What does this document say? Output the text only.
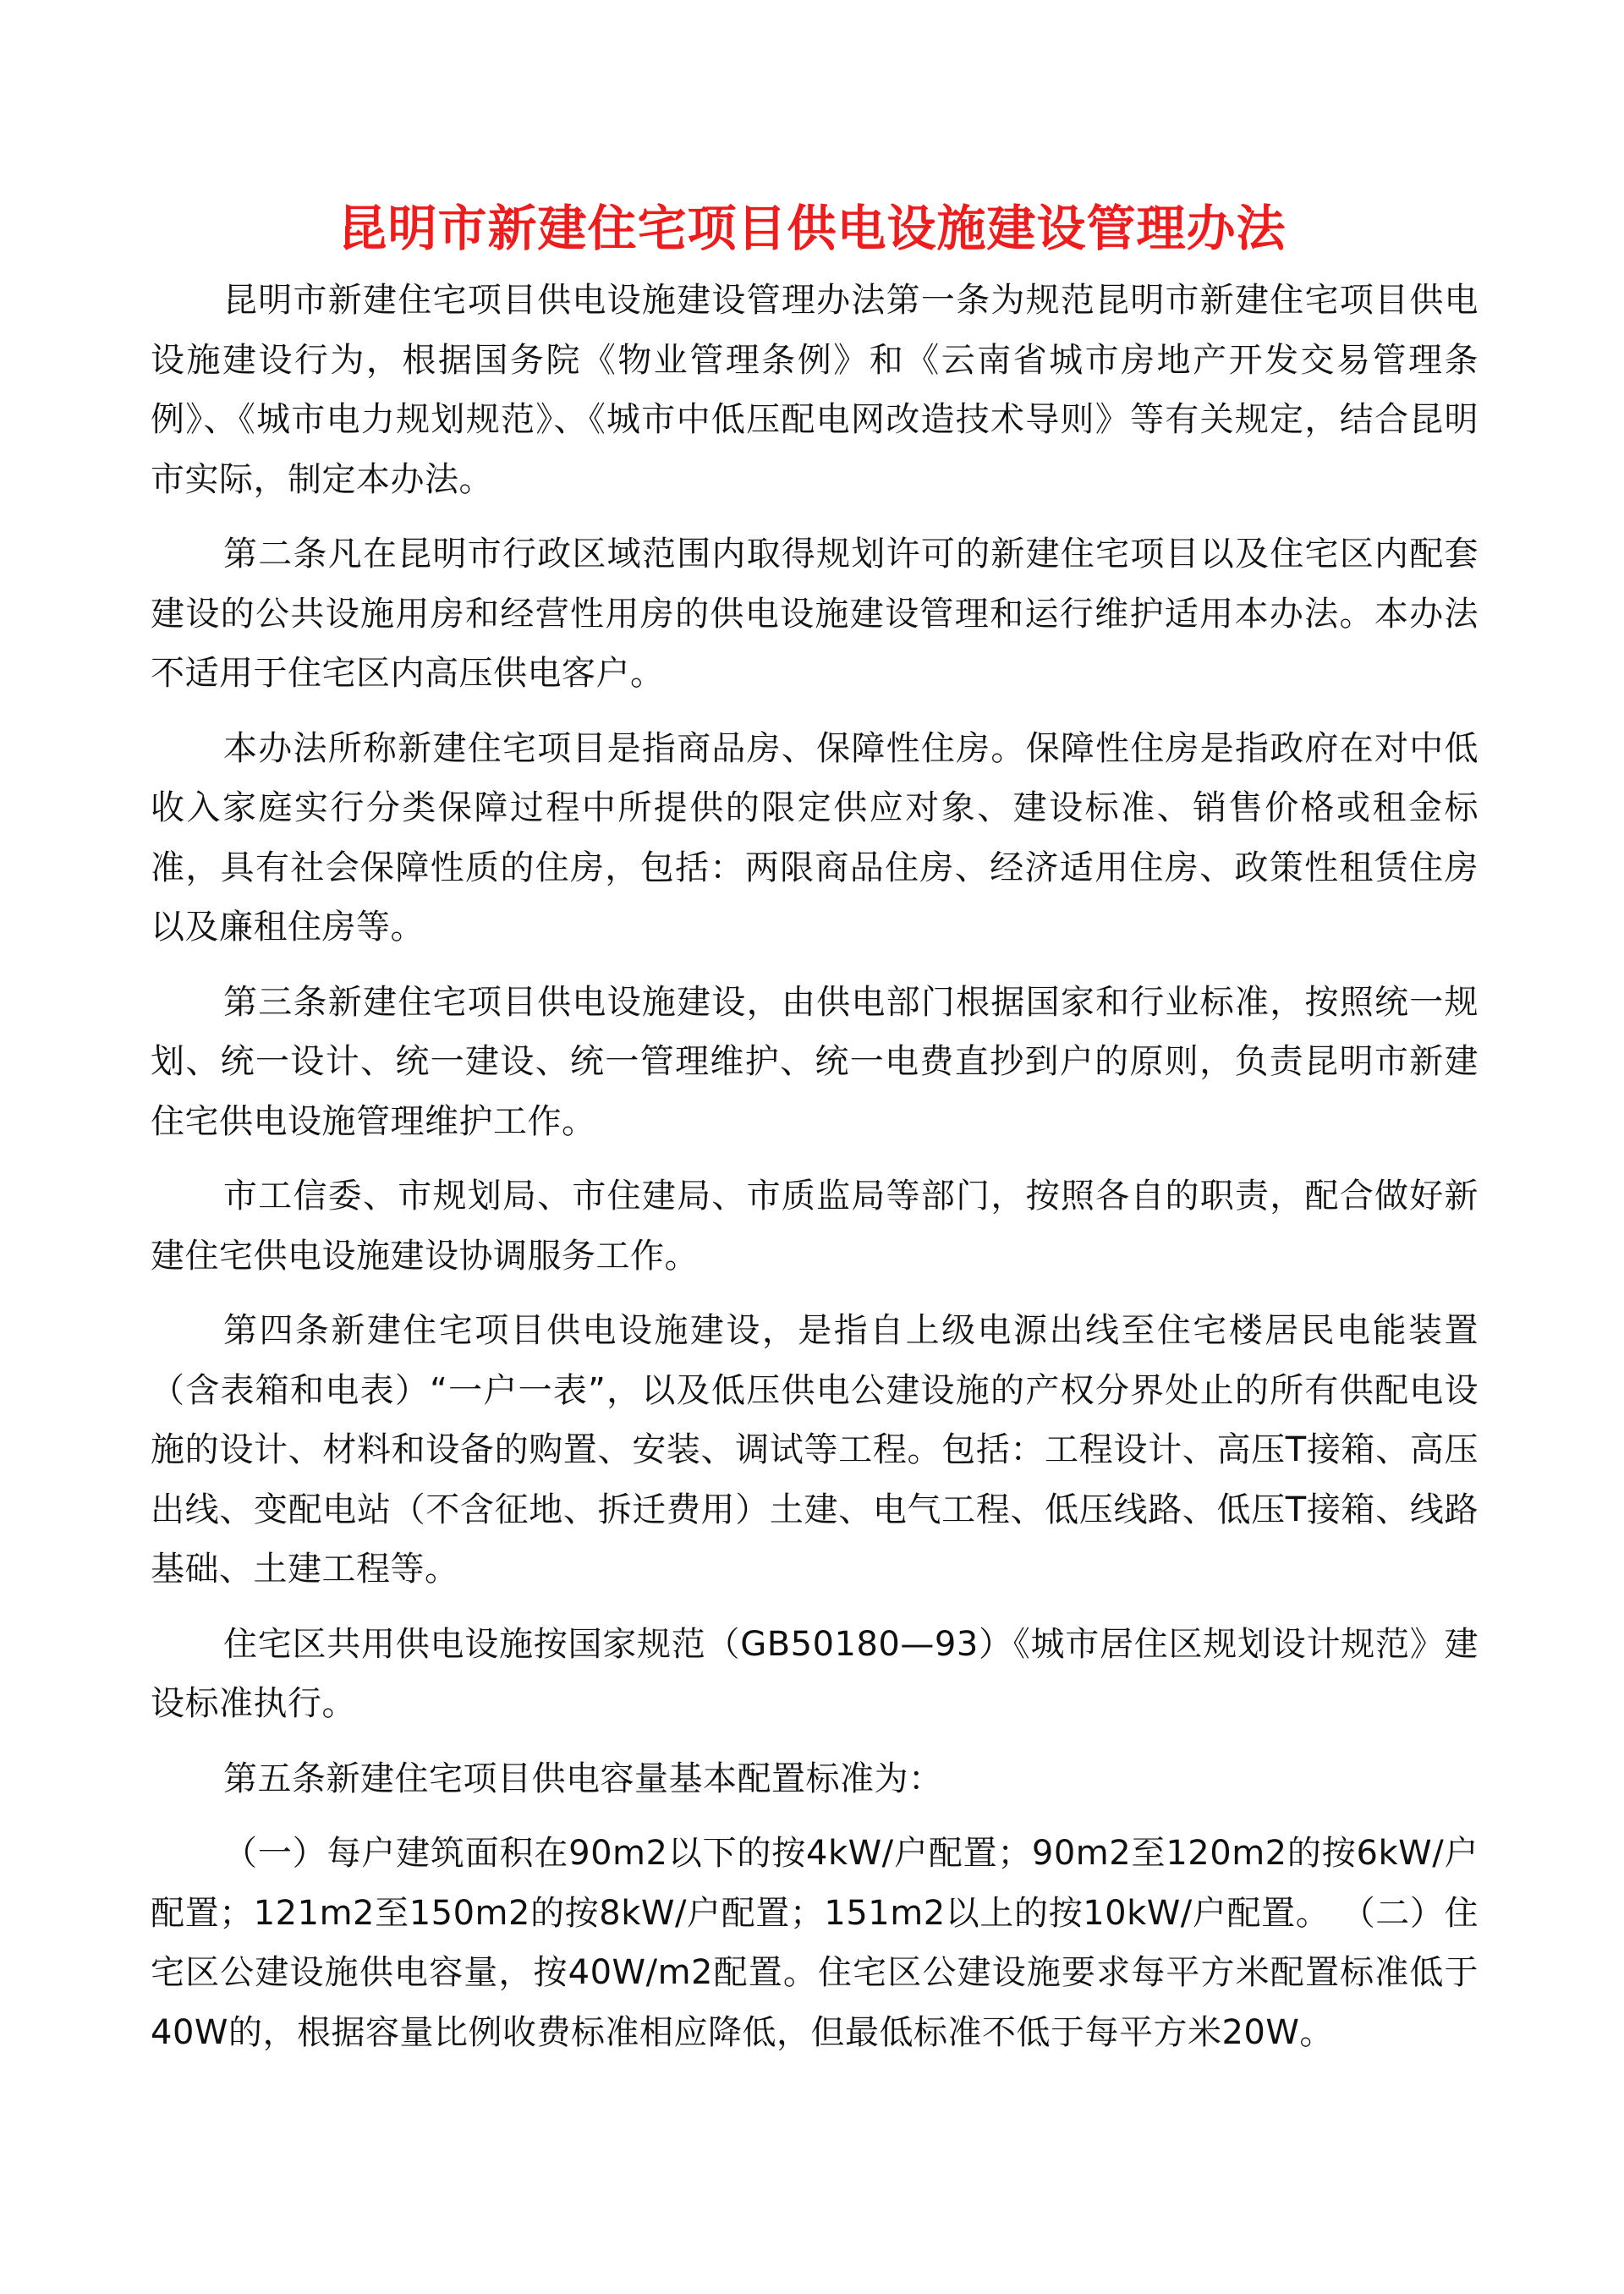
昆明市新建住宅项目供电设施建设管理办法

昆明市新建住宅项目供电设施建设管理办法第一条为规范昆明市新建住宅项目供电设施建设行为，根据国务院《物业管理条例》和《云南省城市房地产开发交易管理条例》、《城市电力规划规范》、《城市中低压配电网改造技术导则》等有关规定，结合昆明市实际，制定本办法。

第二条凡在昆明市行政区域范围内取得规划许可的新建住宅项目以及住宅区内配套建设的公共设施用房和经营性用房的供电设施建设管理和运行维护适用本办法。本办法不适用于住宅区内高压供电客户。

本办法所称新建住宅项目是指商品房、保障性住房。保障性住房是指政府在对中低收入家庭实行分类保障过程中所提供的限定供应对象、建设标准、销售价格或租金标准，具有社会保障性质的住房，包括：两限商品住房、经济适用住房、政策性租赁住房以及廉租住房等。

第三条新建住宅项目供电设施建设，由供电部门根据国家和行业标准，按照统一规划、统一设计、统一建设、统一管理维护、统一电费直抄到户的原则，负责昆明市新建住宅供电设施管理维护工作。

市工信委、市规划局、市住建局、市质监局等部门，按照各自的职责，配合做好新建住宅供电设施建设协调服务工作。

第四条新建住宅项目供电设施建设，是指自上级电源出线至住宅楼居民电能装置（含表箱和电表）“一户一表”，以及低压供电公建设施的产权分界处止的所有供配电设施的设计、材料和设备的购置、安装、调试等工程。包括：工程设计、高压T接箱、高压出线、变配电站（不含征地、拆迁费用）土建、电气工程、低压线路、低压T接箱、线路基础、土建工程等。

住宅区共用供电设施按国家规范（GB50180—93）《城市居住区规划设计规范》建设标准执行。

第五条新建住宅项目供电容量基本配置标准为：

（一）每户建筑面积在90m2以下的按4kW/户配置；90m2至120m2的按6kW/户配置；121m2至150m2的按8kW/户配置；151m2以上的按10kW/户配置。 （二）住宅区公建设施供电容量，按40W/m2配置。住宅区公建设施要求每平方米配置标准低于40W的，根据容量比例收费标准相应降低，但最低标准不低于每平方米20W。
